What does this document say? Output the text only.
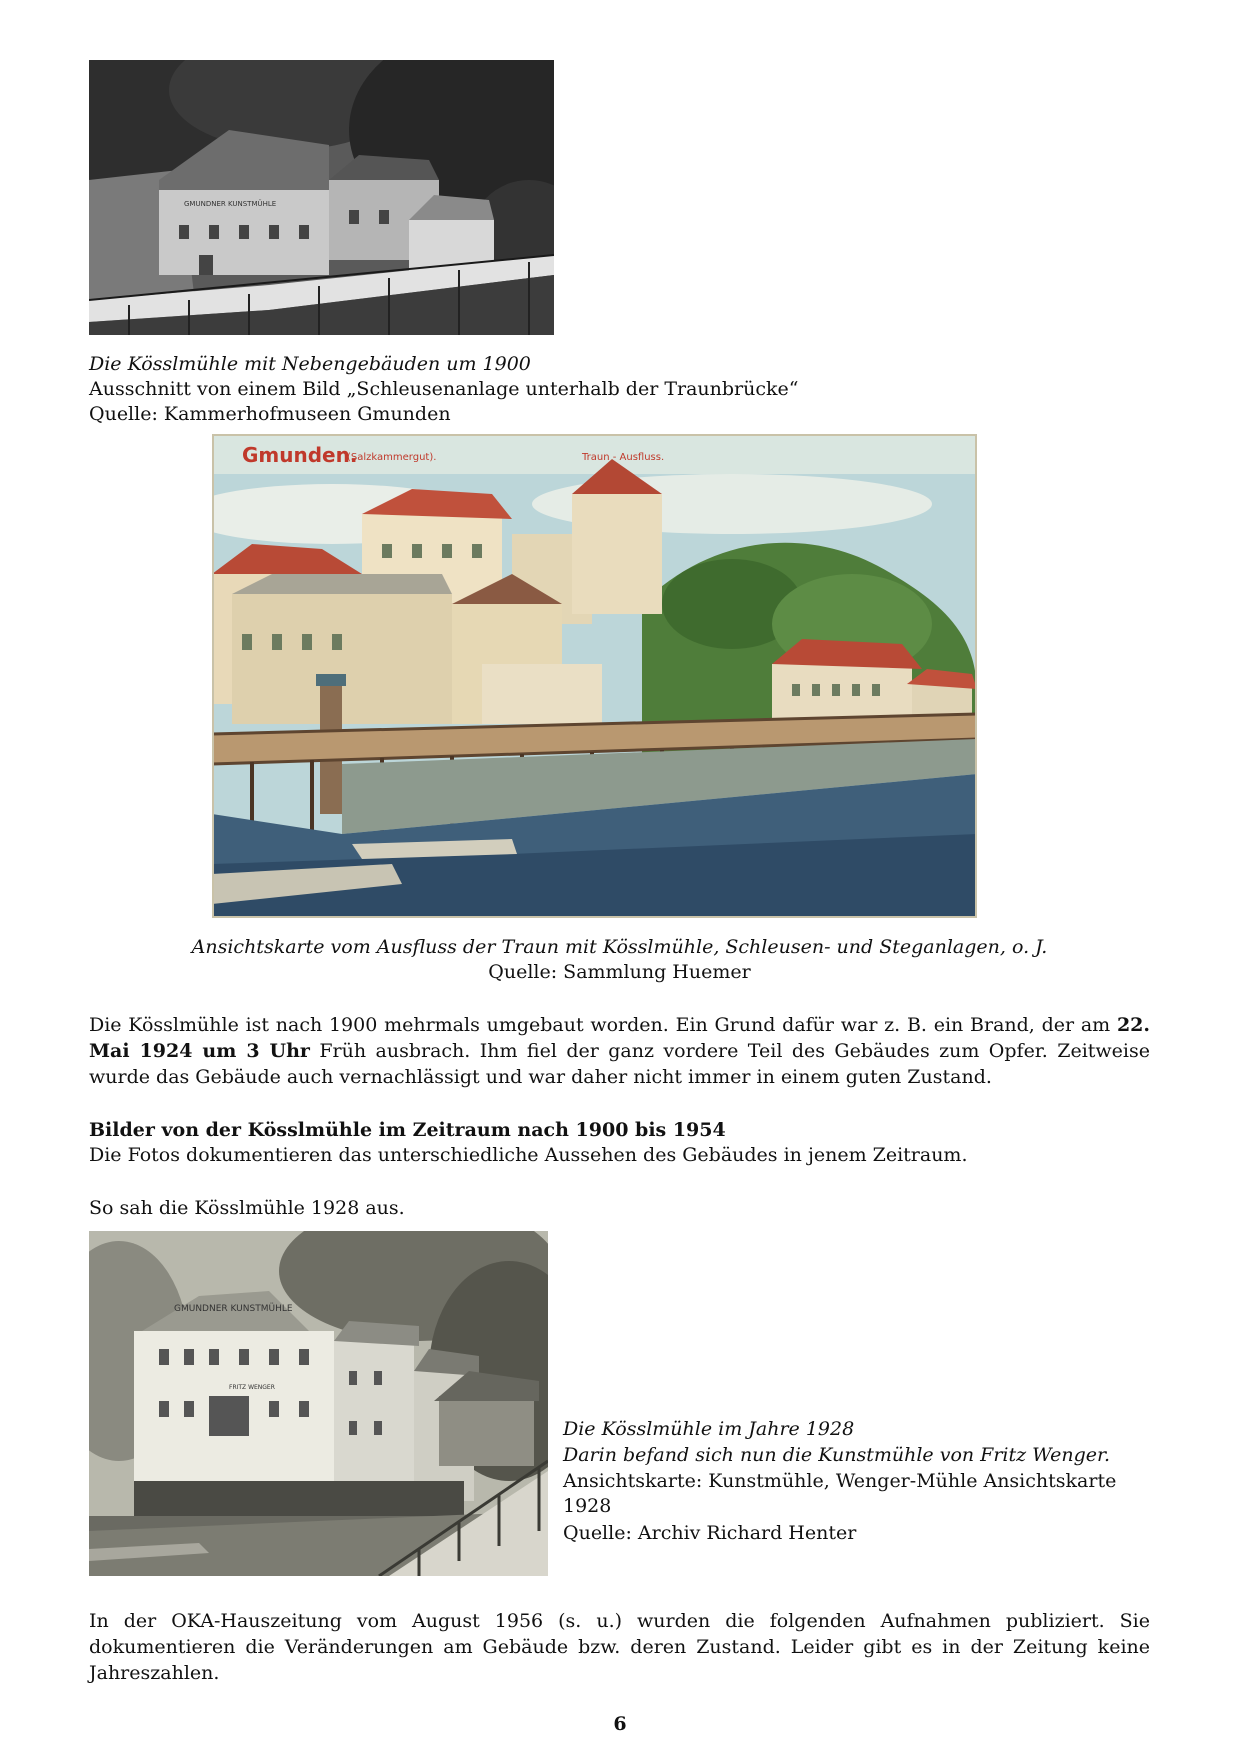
GMUNDNER KUNSTMÜHLE
Die Kösslmühle mit Nebengebäuden um 1900
Ausschnitt von einem Bild „Schleusenanlage unterhalb der Traunbrücke“
Quelle: Kammerhofmuseen Gmunden
Gmunden.
(Salzkammergut).	Traun - Ausfluss.
Ansichtskarte vom Ausfluss der Traun mit Kösslmühle, Schleusen- und Steganlagen, o. J.
Quelle: Sammlung Huemer
Die Kösslmühle ist nach 1900 mehrmals umgebaut worden. Ein Grund dafür war z. B. ein Brand, der am 22. Mai 1924 um 3 Uhr Früh ausbrach. Ihm fiel der ganz vordere Teil des Gebäudes zum Opfer. Zeitweise wurde das Gebäude auch vernachlässigt und war daher nicht immer in einem guten Zustand.
Bilder von der Kösslmühle im Zeitraum nach 1900 bis 1954
Die Fotos dokumentieren das unterschiedliche Aussehen des Gebäudes in jenem Zeitraum.
So sah die Kösslmühle 1928 aus.
GMUNDNER KUNSTMÜHLE
FRITZ WENGER
Die Kösslmühle im Jahre 1928
Darin befand sich nun die Kunstmühle von Fritz Wenger.
Ansichtskarte: Kunstmühle, Wenger-Mühle Ansichtskarte 1928
Quelle: Archiv Richard Henter
In der OKA-Hauszeitung vom August 1956 (s. u.) wurden die folgenden Aufnahmen publiziert. Sie dokumentieren die Veränderungen am Gebäude bzw. deren Zustand. Leider gibt es in der Zeitung keine Jahreszahlen.
6
